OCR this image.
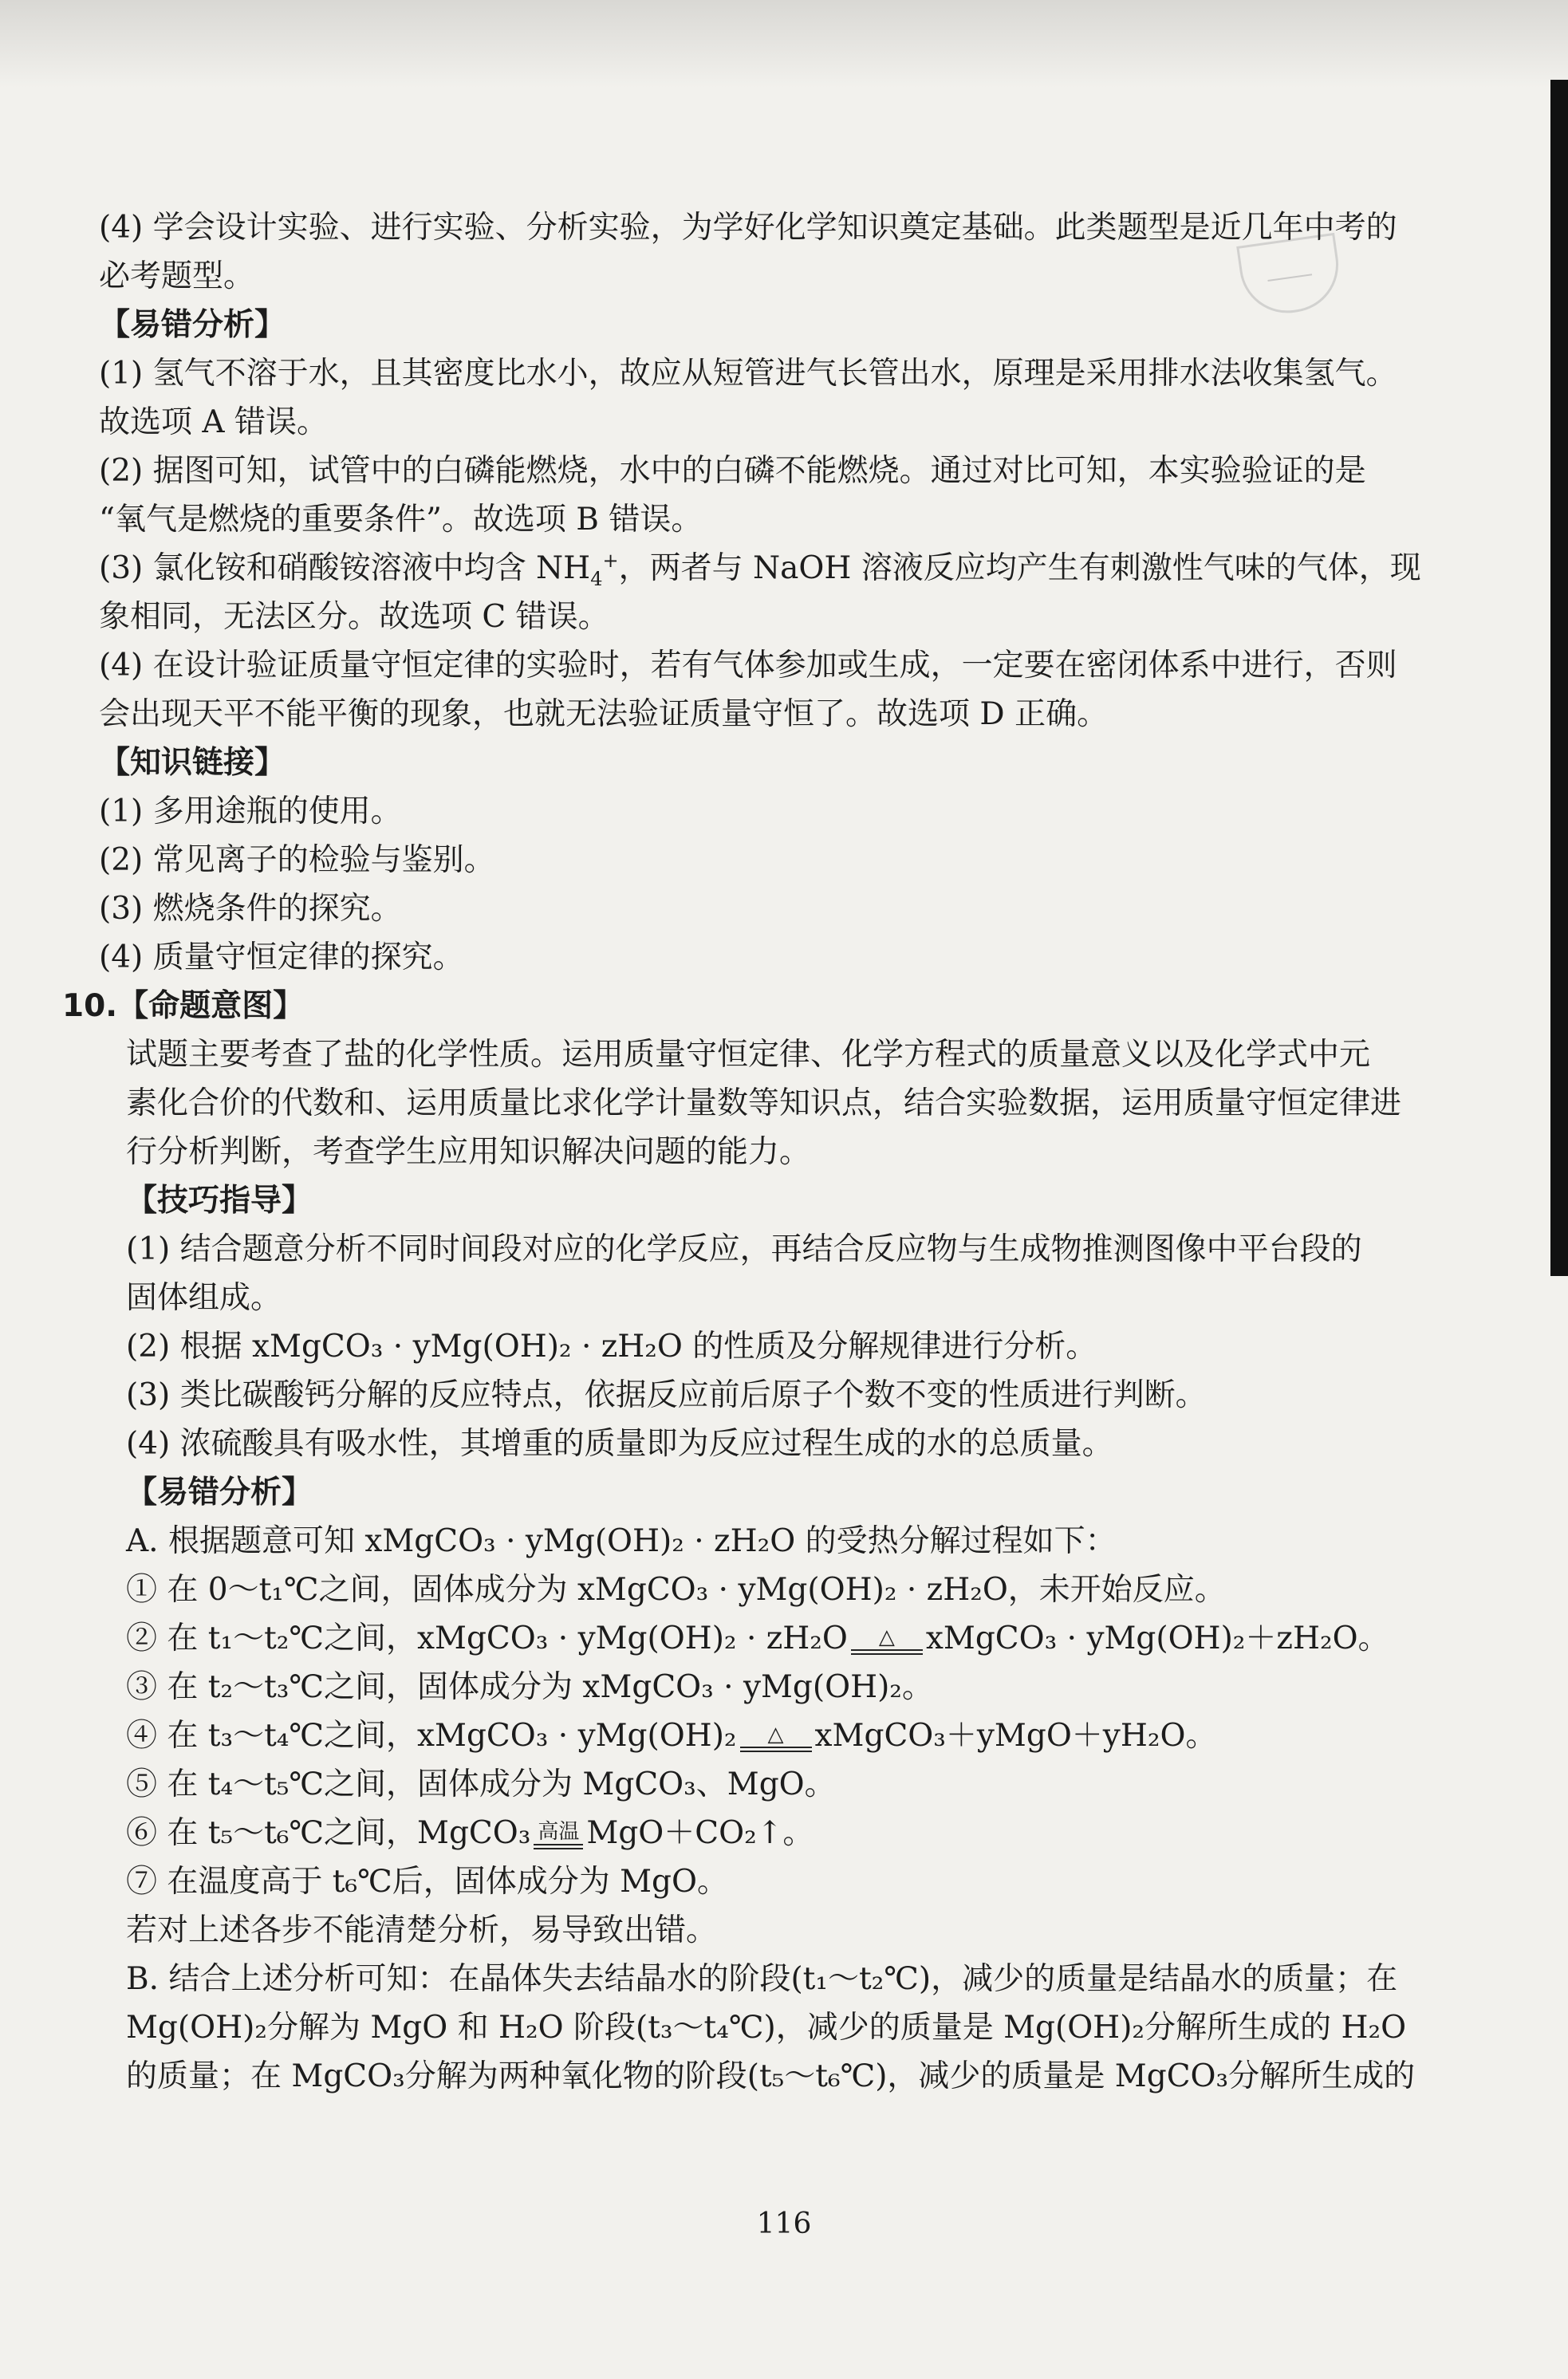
(4) 学会设计实验、进行实验、分析实验，为学好化学知识奠定基础。此类题型是近几年中考的
必考题型。
【易错分析】
(1) 氢气不溶于水，且其密度比水小，故应从短管进气长管出水，原理是采用排水法收集氢气。
故选项 A 错误。
(2) 据图可知，试管中的白磷能燃烧，水中的白磷不能燃烧。通过对比可知，本实验验证的是
“氧气是燃烧的重要条件”。故选项 B 错误。
(3) 氯化铵和硝酸铵溶液中均含 $NH_4^+$，两者与 NaOH 溶液反应均产生有刺激性气味的气体，现
象相同，无法区分。故选项 C 错误。
(4) 在设计验证质量守恒定律的实验时，若有气体参加或生成，一定要在密闭体系中进行，否则
会出现天平不能平衡的现象，也就无法验证质量守恒了。故选项 D 正确。
【知识链接】
(1) 多用途瓶的使用。
(2) 常见离子的检验与鉴别。
(3) 燃烧条件的探究。
(4) 质量守恒定律的探究。
10.【命题意图】
试题主要考查了盐的化学性质。运用质量守恒定律、化学方程式的质量意义以及化学式中元
素化合价的代数和、运用质量比求化学计量数等知识点，结合实验数据，运用质量守恒定律进
行分析判断，考查学生应用知识解决问题的能力。
【技巧指导】
(1) 结合题意分析不同时间段对应的化学反应，再结合反应物与生成物推测图像中平台段的
固体组成。
(2) 根据 xMgCO₃ · yMg(OH)₂ · zH₂O 的性质及分解规律进行分析。
(3) 类比碳酸钙分解的反应特点，依据反应前后原子个数不变的性质进行判断。
(4) 浓硫酸具有吸水性，其增重的质量即为反应过程生成的水的总质量。
【易错分析】
A. 根据题意可知 xMgCO₃ · yMg(OH)₂ · zH₂O 的受热分解过程如下：
① 在 0～t₁℃之间，固体成分为 xMgCO₃ · yMg(OH)₂ · zH₂O，未开始反应。
② 在 t₁～t₂℃之间，xMgCO₃ · yMg(OH)₂ · zH₂O	△	xMgCO₃ · yMg(OH)₂＋zH₂O。
③ 在 t₂～t₃℃之间，固体成分为 xMgCO₃ · yMg(OH)₂。
④ 在 t₃～t₄℃之间，xMgCO₃ · yMg(OH)₂	△	xMgCO₃＋yMgO＋yH₂O。
⑤ 在 t₄～t₅℃之间，固体成分为 MgCO₃、MgO。
⑥ 在 t₅～t₆℃之间，MgCO₃ 高温 MgO＋CO₂↑。
⑦ 在温度高于 t₆℃后，固体成分为 MgO。
若对上述各步不能清楚分析，易导致出错。
B. 结合上述分析可知：在晶体失去结晶水的阶段(t₁～t₂℃)，减少的质量是结晶水的质量；在
Mg(OH)₂分解为 MgO 和 H₂O 阶段(t₃～t₄℃)，减少的质量是 Mg(OH)₂分解所生成的 H₂O
的质量；在 MgCO₃分解为两种氧化物的阶段(t₅～t₆℃)，减少的质量是 MgCO₃分解所生成的
116
